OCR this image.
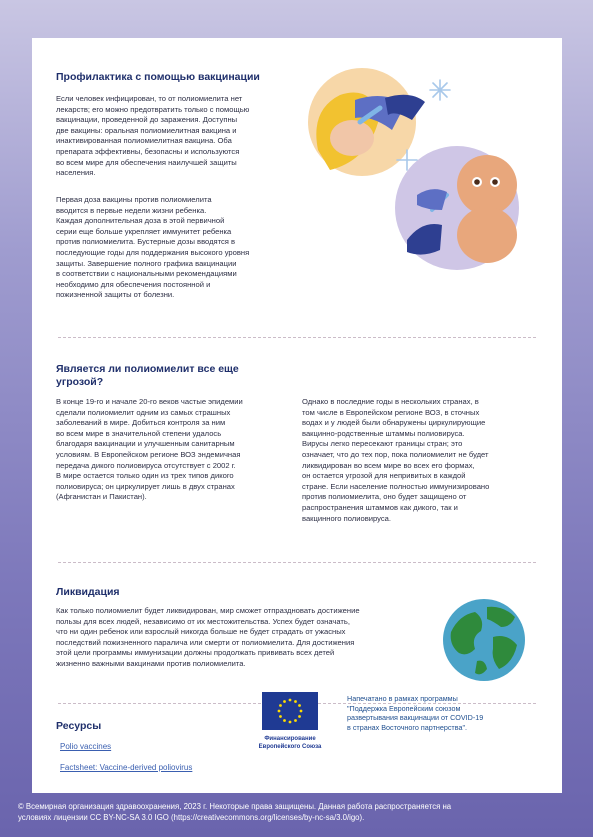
Профилактика с помощью вакцинации

Если человек инфицирован, то от полиомиелита нет
лекарств; его можно предотвратить только с помощью
вакцинации, проведенной до заражения. Доступны
две вакцины: оральная полиомиелитная вакцина и
инактивированная полиомиелитная вакцина. Оба
препарата эффективны, безопасны и используются
во всем мире для обеспечения наилучшей защиты
населения.

Первая доза вакцины против полиомиелита
вводится в первые недели жизни ребенка.
Каждая дополнительная доза в этой первичной
серии еще больше укрепляет иммунитет ребенка
против полиомиелита. Бустерные дозы вводятся в
последующие годы для поддержания высокого уровня
защиты. Завершение полного графика вакцинации
в соответствии с национальными рекомендациями
необходимо для обеспечения постоянной и
пожизненной защиты от болезни.

Является ли полиомиелит все еще
угрозой?

В конце 19-го и начале 20-го веков частые эпидемии
сделали полиомиелит одним из самых страшных
заболеваний в мире. Добиться контроля за ним
во всем мире в значительной степени удалось
благодаря вакцинации и улучшенным санитарным
условиям. В Европейском регионе ВОЗ эндемичная
передача дикого полиовируса отсутствует с 2002 г.
В мире остается только один из трех типов дикого
полиовируса; он циркулирует лишь в двух странах
(Афганистан и Пакистан).

Однако в последние годы в нескольких странах, в
том числе в Европейском регионе ВОЗ, в сточных
водах и у людей были обнаружены циркулирующие
вакцинно-родственные штаммы полиовируса.
Вирусы легко пересекают границы стран; это
означает, что до тех пор, пока полиомиелит не будет
ликвидирован во всем мире во всех его формах,
он остается угрозой для непривитых в каждой
стране. Если население полностью иммунизировано
против полиомиелита, оно будет защищено от
распространения штаммов как дикого, так и
вакцинного полиовируса.

Ликвидация

Как только полиомиелит будет ликвидирован, мир сможет отпраздновать достижение
пользы для всех людей, независимо от их местожительства. Успех будет означать,
что ни один ребенок или взрослый никогда больше не будет страдать от ужасных
последствий пожизненного паралича или смерти от полиомиелита. Для достижения
этой цели программы иммунизации должны продолжать прививать всех детей
жизненно важными вакцинами против полиомиелита.

Ресурсы
Polio vaccines
Factsheet: Vaccine-derived poliovirus
Финансирование
Европейского Союза
Напечатано в рамках программы
"Поддержка Европейским союзом
развертывания вакцинации от COVID-19
в странах Восточного партнерства".
© Всемирная организация здравоохранения, 2023 г. Некоторые права защищены. Данная работа распространяется на
условиях лицензии CC BY-NC-SA 3.0 IGO (https://creativecommons.org/licenses/by-nc-sa/3.0/igo).
